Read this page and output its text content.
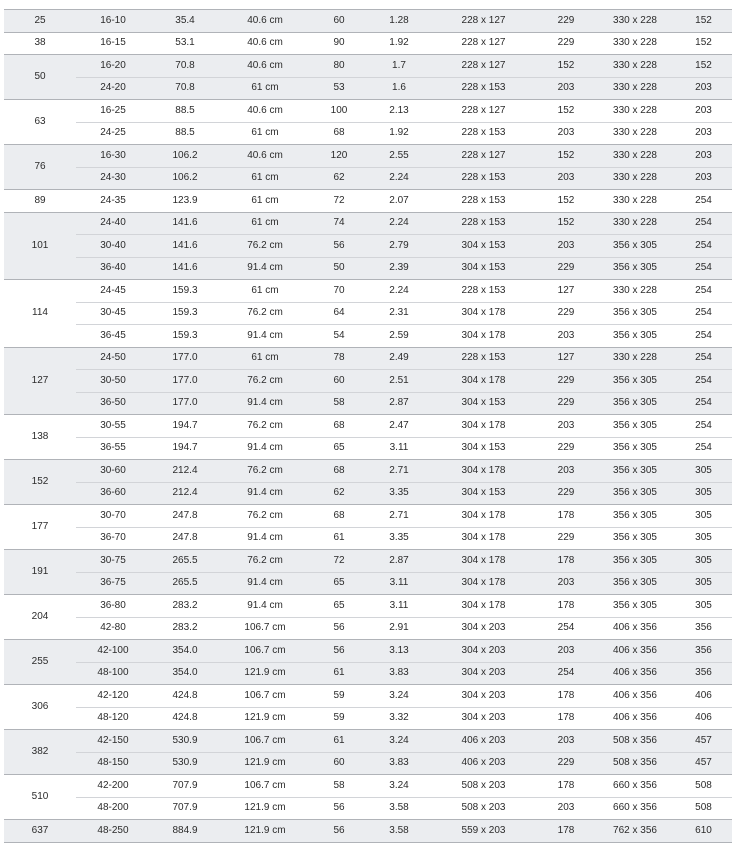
25	16-10	35.4	40.6 cm	60	1.28	228 x 127	229	330 x 228	152
38	16-15	53.1	40.6 cm	90	1.92	228 x 127	229	330 x 228	152
50	16-20	70.8	40.6 cm	80	1.7	228 x 127	152	330 x 228	152
	24-20	70.8	61 cm	53	1.6	228 x 153	203	330 x 228	203
63	16-25	88.5	40.6 cm	100	2.13	228 x 127	152	330 x 228	203
	24-25	88.5	61 cm	68	1.92	228 x 153	203	330 x 228	203
76	16-30	106.2	40.6 cm	120	2.55	228 x 127	152	330 x 228	203
	24-30	106.2	61 cm	62	2.24	228 x 153	203	330 x 228	203
89	24-35	123.9	61 cm	72	2.07	228 x 153	152	330 x 228	254
101	24-40	141.6	61 cm	74	2.24	228 x 153	152	330 x 228	254
	30-40	141.6	76.2 cm	56	2.79	304 x 153	203	356 x 305	254
	36-40	141.6	91.4 cm	50	2.39	304 x 153	229	356 x 305	254
114	24-45	159.3	61 cm	70	2.24	228 x 153	127	330 x 228	254
	30-45	159.3	76.2 cm	64	2.31	304 x 178	229	356 x 305	254
	36-45	159.3	91.4 cm	54	2.59	304 x 178	203	356 x 305	254
127	24-50	177.0	61 cm	78	2.49	228 x 153	127	330 x 228	254
	30-50	177.0	76.2 cm	60	2.51	304 x 178	229	356 x 305	254
	36-50	177.0	91.4 cm	58	2.87	304 x 153	229	356 x 305	254
138	30-55	194.7	76.2 cm	68	2.47	304 x 178	203	356 x 305	254
	36-55	194.7	91.4 cm	65	3.11	304 x 153	229	356 x 305	254
152	30-60	212.4	76.2 cm	68	2.71	304 x 178	203	356 x 305	305
	36-60	212.4	91.4 cm	62	3.35	304 x 153	229	356 x 305	305
177	30-70	247.8	76.2 cm	68	2.71	304 x 178	178	356 x 305	305
	36-70	247.8	91.4 cm	61	3.35	304 x 178	229	356 x 305	305
191	30-75	265.5	76.2 cm	72	2.87	304 x 178	178	356 x 305	305
	36-75	265.5	91.4 cm	65	3.11	304 x 178	203	356 x 305	305
204	36-80	283.2	91.4 cm	65	3.11	304 x 178	178	356 x 305	305
	42-80	283.2	106.7 cm	56	2.91	304 x 203	254	406 x 356	356
255	42-100	354.0	106.7 cm	56	3.13	304 x 203	203	406 x 356	356
	48-100	354.0	121.9 cm	61	3.83	304 x 203	254	406 x 356	356
306	42-120	424.8	106.7 cm	59	3.24	304 x 203	178	406 x 356	406
	48-120	424.8	121.9 cm	59	3.32	304 x 203	178	406 x 356	406
382	42-150	530.9	106.7 cm	61	3.24	406 x 203	203	508 x 356	457
	48-150	530.9	121.9 cm	60	3.83	406 x 203	229	508 x 356	457
510	42-200	707.9	106.7 cm	58	3.24	508 x 203	178	660 x 356	508
	48-200	707.9	121.9 cm	56	3.58	508 x 203	203	660 x 356	508
637	48-250	884.9	121.9 cm	56	3.58	559 x 203	178	762 x 356	610
